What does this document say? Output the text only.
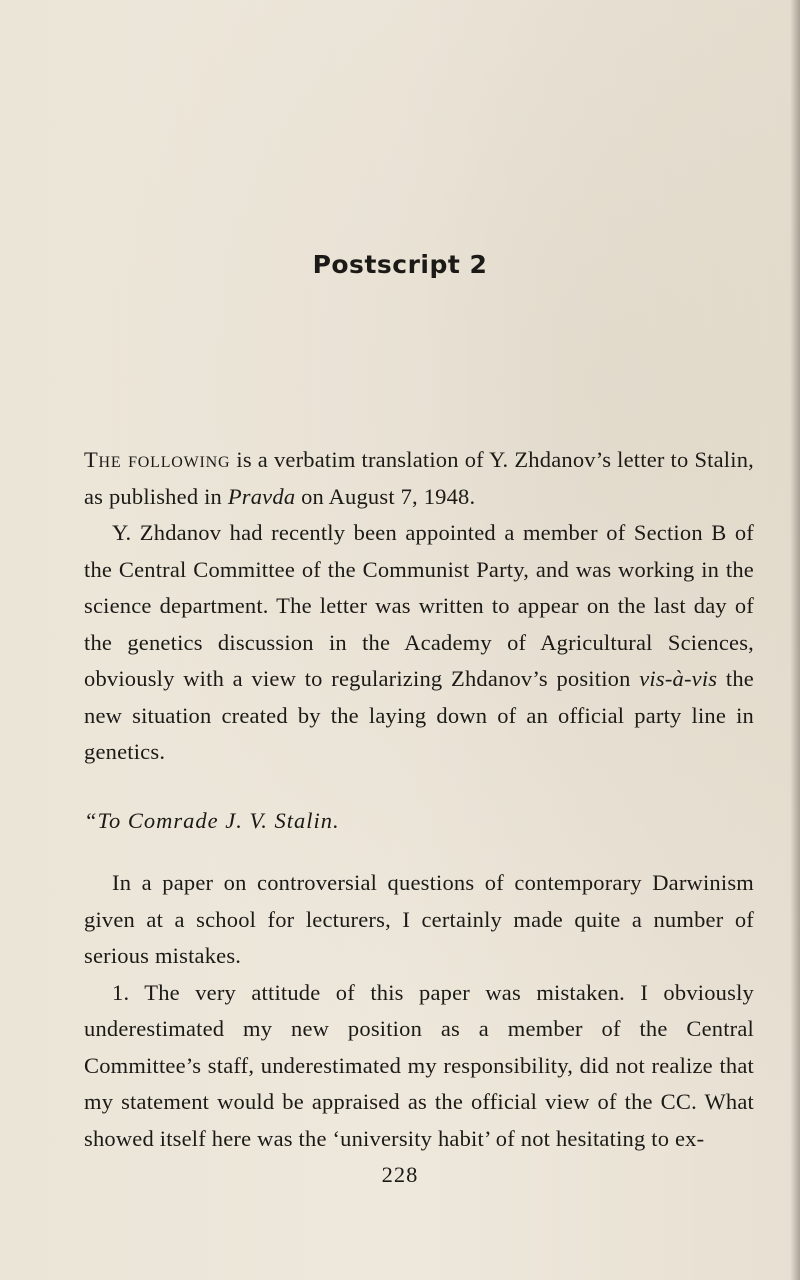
Postscript 2

The following is a verbatim translation of Y. Zhdanov’s letter to Stalin, as published in Pravda on August 7, 1948.

Y. Zhdanov had recently been appointed a member of Section B of the Central Committee of the Communist Party, and was working in the science department. The letter was written to appear on the last day of the genetics discussion in the Academy of Agricultural Sciences, obviously with a view to regularizing Zhdanov’s position vis-à-vis the new situation created by the laying down of an official party line in genetics.

“To Comrade J. V. Stalin.

In a paper on controversial questions of contemporary Darwinism given at a school for lecturers, I certainly made quite a number of serious mistakes.

1. The very attitude of this paper was mistaken. I obviously underestimated my new position as a member of the Central Committee’s staff, underestimated my responsibility, did not realize that my statement would be appraised as the official view of the CC. What showed itself here was the ‘university habit’ of not hesitating to ex-

228
